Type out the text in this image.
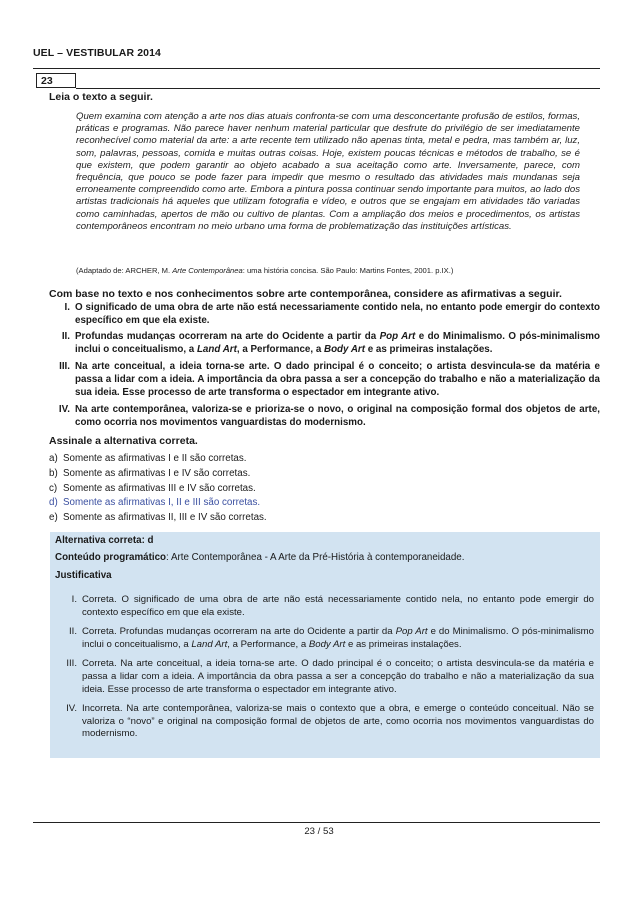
UEL – VESTIBULAR 2014
23
Leia o texto a seguir.
Quem examina com atenção a arte nos dias atuais confronta-se com uma desconcertante profusão de estilos, formas, práticas e programas. Não parece haver nenhum material particular que desfrute do privilégio de ser imediatamente reconhecível como material da arte: a arte recente tem utilizado não apenas tinta, metal e pedra, mas também ar, luz, som, palavras, pessoas, comida e muitas outras coisas. Hoje, existem poucas técnicas e métodos de trabalho, se é que existem, que podem garantir ao objeto acabado a sua aceitação como arte. Inversamente, parece, com frequência, que pouco se pode fazer para impedir que mesmo o resultado das atividades mais mundanas seja erroneamente compreendido como arte. Embora a pintura possa continuar sendo importante para muitos, ao lado dos artistas tradicionais há aqueles que utilizam fotografia e vídeo, e outros que se engajam em atividades tão variadas como caminhadas, apertos de mão ou cultivo de plantas. Com a ampliação dos meios e procedimentos, os artistas contemporâneos encontram no meio urbano uma forma de problematização das instituições artísticas.
(Adaptado de: ARCHER, M. Arte Contemporânea: uma história concisa. São Paulo: Martins Fontes, 2001. p.IX.)
Com base no texto e nos conhecimentos sobre arte contemporânea, considere as afirmativas a seguir.
I. O significado de uma obra de arte não está necessariamente contido nela, no entanto pode emergir do contexto específico em que ela existe.
II. Profundas mudanças ocorreram na arte do Ocidente a partir da Pop Art e do Minimalismo. O pós-minimalismo inclui o conceitualismo, a Land Art, a Performance, a Body Art e as primeiras instalações.
III. Na arte conceitual, a ideia torna-se arte. O dado principal é o conceito; o artista desvincula-se da matéria e passa a lidar com a ideia. A importância da obra passa a ser a concepção do trabalho e não a materialização da sua ideia. Esse processo de arte transforma o espectador em integrante ativo.
IV. Na arte contemporânea, valoriza-se e prioriza-se o novo, o original na composição formal dos objetos de arte, como ocorria nos movimentos vanguardistas do modernismo.
Assinale a alternativa correta.
a) Somente as afirmativas I e II são corretas.
b) Somente as afirmativas I e IV são corretas.
c) Somente as afirmativas III e IV são corretas.
d) Somente as afirmativas I, II e III são corretas.
e) Somente as afirmativas II, III e IV são corretas.
Alternativa correta: d
Conteúdo programático: Arte Contemporânea - A Arte da Pré-História à contemporaneidade.
Justificativa
I. Correta. O significado de uma obra de arte não está necessariamente contido nela, no entanto pode emergir do contexto específico em que ela existe.
II. Correta. Profundas mudanças ocorreram na arte do Ocidente a partir da Pop Art e do Minimalismo. O pós-minimalismo inclui o conceitualismo, a Land Art, a Performance, a Body Art e as primeiras instalações.
III. Correta. Na arte conceitual, a ideia torna-se arte. O dado principal é o conceito; o artista desvincula-se da matéria e passa a lidar com a ideia. A importância da obra passa a ser a concepção do trabalho e não a materialização da sua ideia. Esse processo de arte transforma o espectador em integrante ativo.
IV. Incorreta. Na arte contemporânea, valoriza-se mais o contexto que a obra, e emerge o conteúdo conceitual. Não se valoriza o “novo” e original na composição formal de objetos de arte, como ocorria nos movimentos vanguardistas do modernismo.
23 / 53
